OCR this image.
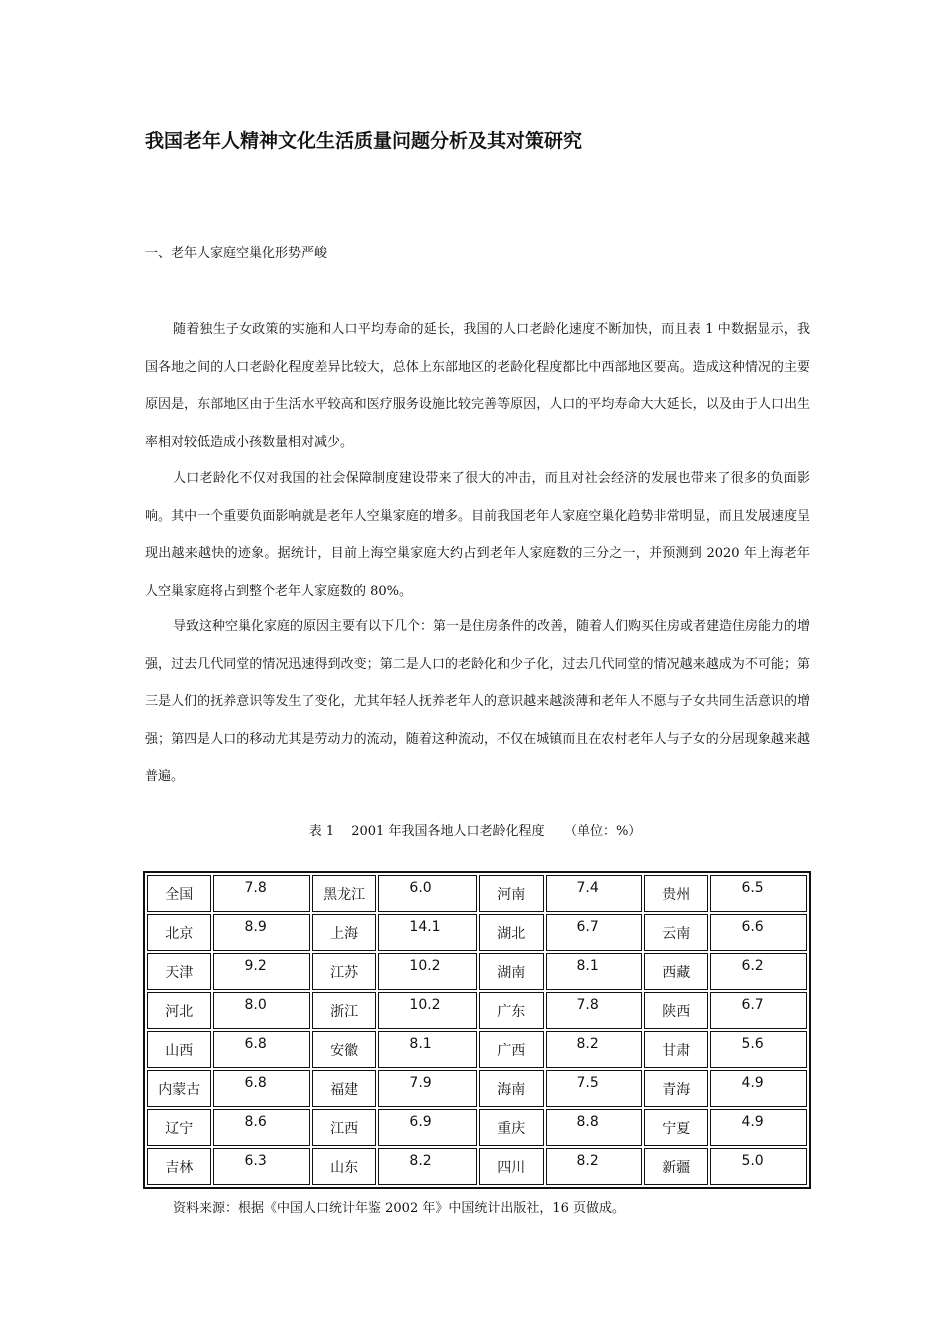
我国老年人精神文化生活质量问题分析及其对策研究
一、老年人家庭空巢化形势严峻

随着独生子女政策的实施和人口平均寿命的延长，我国的人口老龄化速度不断加快，而且表 1 中数据显示，我国各地之间的人口老龄化程度差异比较大，总体上东部地区的老龄化程度都比中西部地区要高。造成这种情况的主要原因是，东部地区由于生活水平较高和医疗服务设施比较完善等原因，人口的平均寿命大大延长，以及由于人口出生率相对较低造成小孩数量相对减少。

人口老龄化不仅对我国的社会保障制度建设带来了很大的冲击，而且对社会经济的发展也带来了很多的负面影响。其中一个重要负面影响就是老年人空巢家庭的增多。目前我国老年人家庭空巢化趋势非常明显，而且发展速度呈现出越来越快的迹象。据统计，目前上海空巢家庭大约占到老年人家庭数的三分之一，并预测到 2020 年上海老年人空巢家庭将占到整个老年人家庭数的 80%。

导致这种空巢化家庭的原因主要有以下几个：第一是住房条件的改善，随着人们购买住房或者建造住房能力的增强，过去几代同堂的情况迅速得到改变；第二是人口的老龄化和少子化，过去几代同堂的情况越来越成为不可能；第三是人们的抚养意识等发生了变化，尤其年轻人抚养老年人的意识越来越淡薄和老年人不愿与子女共同生活意识的增强；第四是人口的移动尤其是劳动力的流动，随着这种流动，不仅在城镇而且在农村老年人与子女的分居现象越来越普遍。

表 1　 2001 年我国各地人口老龄化程度　　（单位：%）
全国	7.8	黑龙江	6.0	河南	7.4	贵州	6.5
北京	8.9	上海	14.1	湖北	6.7	云南	6.6
天津	9.2	江苏	10.2	湖南	8.1	西藏	6.2
河北	8.0	浙江	10.2	广东	7.8	陕西	6.7
山西	6.8	安徽	8.1	广西	8.2	甘肃	5.6
内蒙古	6.8	福建	7.9	海南	7.5	青海	4.9
辽宁	8.6	江西	6.9	重庆	8.8	宁夏	4.9
吉林	6.3	山东	8.2	四川	8.2	新疆	5.0
资料来源：根据《中国人口统计年鉴 2002 年》中国统计出版社，16 页做成。
